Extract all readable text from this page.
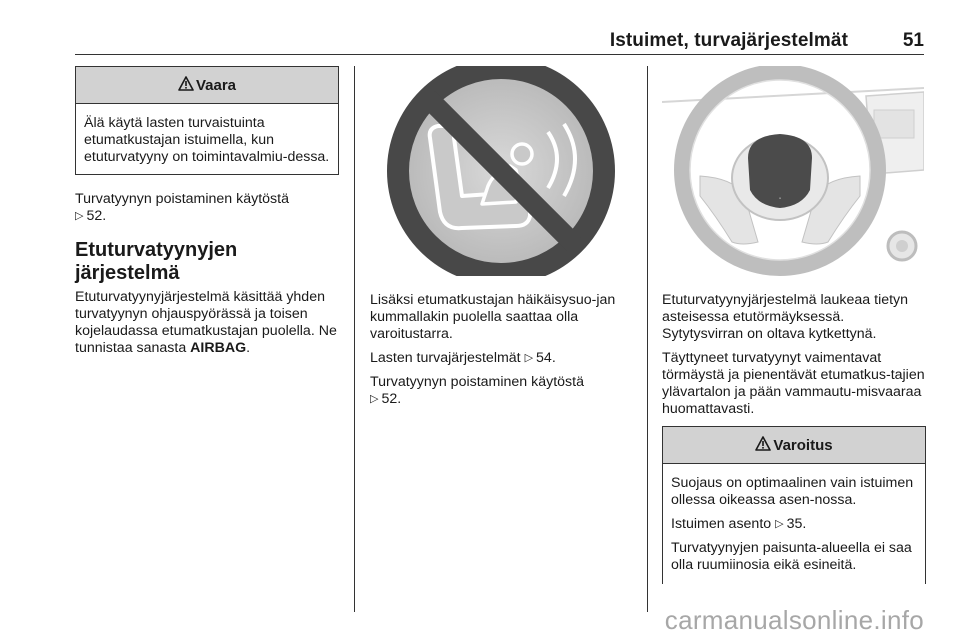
Istuimet, turvajärjestelmät	51
Vaara

Älä käytä lasten turvaistuinta etumatkustajan istuimella, kun etuturvatyyny on toimintavalmiu-dessa.

Turvatyynyn poistaminen käytöstä
▷ 52.

Etuturvatyynyjen järjestelmä

Etuturvatyynyjärjestelmä käsittää yhden turvatyynyn ohjauspyörässä ja toisen kojelaudassa etumatkustajan puolella. Ne tunnistaa sanasta AIRBAG.

Lisäksi etumatkustajan häikäisysuo-jan kummallakin puolella saattaa olla varoitustarra.

Lasten turvajärjestelmät ▷ 54.

Turvatyynyn poistaminen käytöstä
▷ 52.

▪

Etuturvatyynyjärjestelmä laukeaa tietyn asteisessa etutörmäyksessä. Sytytysvirran on oltava kytkettynä.

Täyttyneet turvatyynyt vaimentavat törmäystä ja pienentävät etumatkus-tajien ylävartalon ja pään vammautu-misvaaraa huomattavasti.

Varoitus

Suojaus on optimaalinen vain istuimen ollessa oikeassa asen-nossa.

Istuimen asento ▷ 35.

Turvatyynyjen paisunta-alueella ei saa olla ruumiinosia eikä esineitä.

carmanualsonline.info
